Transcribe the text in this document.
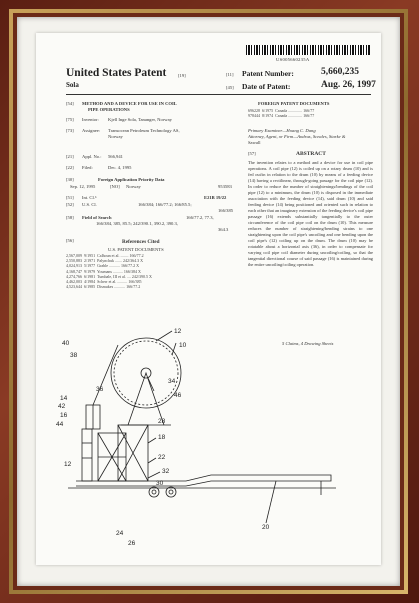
US005660235A
United States Patent	[19]
Sola
[11] Patent Number:	5,660,235
[45] Date of Patent:	Aug. 26, 1997
[54] METHOD AND A DEVICE FOR USE IN COIL
PIPE OPERATIONS
[75] Inventor: Kjell Inge Sola, Tananger, Norway
[73] Assignee: Transocean Petroleum Technology AS,
Norway
[21] Appl. No.: 566,941
[22] Filed:	Dec. 4, 1995
[30]	Foreign Application Priority Data
Sep. 12, 1995	[NO] Norway	953583
[51] Int. Cl.⁶	E21B 19/22
[52] U.S. Cl.	166/384; 166/77.2; 166/85.5;
166/385
[58] Field of Search	166/77.2, 77.3,
166/384, 385, 85.5; 242/390.1, 390.2, 390.3,
364.3
[56]	References Cited
U.S. PATENT DOCUMENTS
2,567,009 9/1951 Calhoun et al. ........ 166/77.2
2,550,883 2/1971 Palynchuk ....... 242/364.3 X
4,024,913 5/1977 Grable ........... 166/77.2 X
4,168,747 9/1979 Youmans .......... 166/384 X
4,274,766 6/1981 Tumbale, III et al. .... 242/390.5 X
4,462,003 4/1984 Scherr et al. .......... 166/385
4,523,644 6/1985 Dismukes ........... 166/77.2
FOREIGN PATENT DOCUMENTS
696228 6/1975 Canada .............. 166/77
978444 8/1974 Canada .............. 166/77
Primary Examiner—Hoang C. Dang
Attorney, Agent, or Firm—Andrus, Sceales, Starke &
Sawall
[57]	ABSTRACT
The invention relates to a method and a device for use in coil pipe operations. A coil pipe (12) is coiled up on a rotary drum (10) and is fed out/in in relation to the drum (10) by means of a feeding device (14) having a rectilinear, through-going passage for the coil pipe (12). In order to reduce the number of straightenings/bendings of the coil pipe (12) to a minimum, the drum (10) is disposed in the immediate association with the feeding device (14), said drum (10) and said feeding device (14) being positioned and oriented such in relation to each other that an imaginary extension of the feeding device's coil pipe passage (16) extends substantially tangentially to the outer circumference of the coil pipe coil on the drum (10). This measure reduces the number of straightening/bending strains to one straightening upon the coil pipe's uncoiling and one bending upon the coil pipe's (12) coiling up on the drum. The drum (10) may be rotatable about a horizontal axis (36), in order to compensate for varying coil pipe coil diameter during uncoiling/coiling, so that the tangential directional course of said passage (16) is maintained during the entire uncoiling/coiling operation.
5 Claims, 4 Drawing Sheets
40
38
12
10
36
34
46
14
42
16
44	28
18
12
22
32
30
20
24
26
